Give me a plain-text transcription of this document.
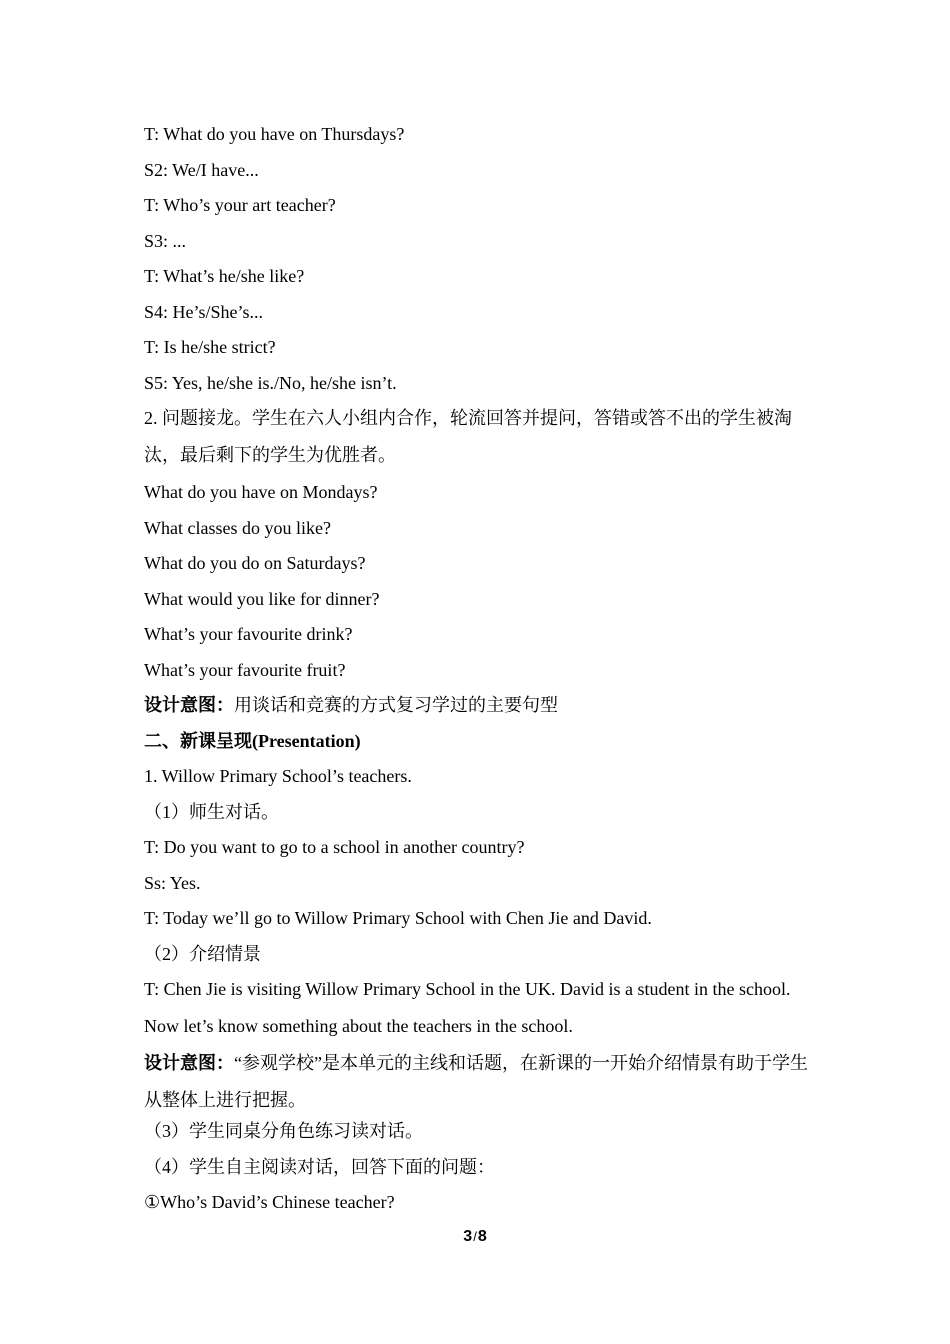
T: What do you have on Thursdays?

S2: We/I have...

T: Who’s your art teacher?

S3: ...

T: What’s he/she like?

S4: He’s/She’s...

T: Is he/she strict?

S5: Yes, he/she is./No, he/she isn’t.

2. 问题接龙。学生在六人小组内合作，轮流回答并提问，答错或答不出的学生被淘汰，最后剩下的学生为优胜者。

What do you have on Mondays?

What classes do you like?

What do you do on Saturdays?

What would you like for dinner?

What’s your favourite drink?

What’s your favourite fruit?

设计意图：用谈话和竞赛的方式复习学过的主要句型

二、新课呈现(Presentation)

1. Willow Primary School’s teachers.

（1）师生对话。

T: Do you want to go to a school in another country?

Ss: Yes.

T: Today we’ll go to Willow Primary School with Chen Jie and David.

（2）介绍情景

T: Chen Jie is visiting Willow Primary School in the UK. David is a student in the school. Now let’s know something about the teachers in the school.

设计意图：“参观学校”是本单元的主线和话题，在新课的一开始介绍情景有助于学生从整体上进行把握。

（3）学生同桌分角色练习读对话。

（4）学生自主阅读对话，回答下面的问题：

①Who’s David’s Chinese teacher?

3/8
